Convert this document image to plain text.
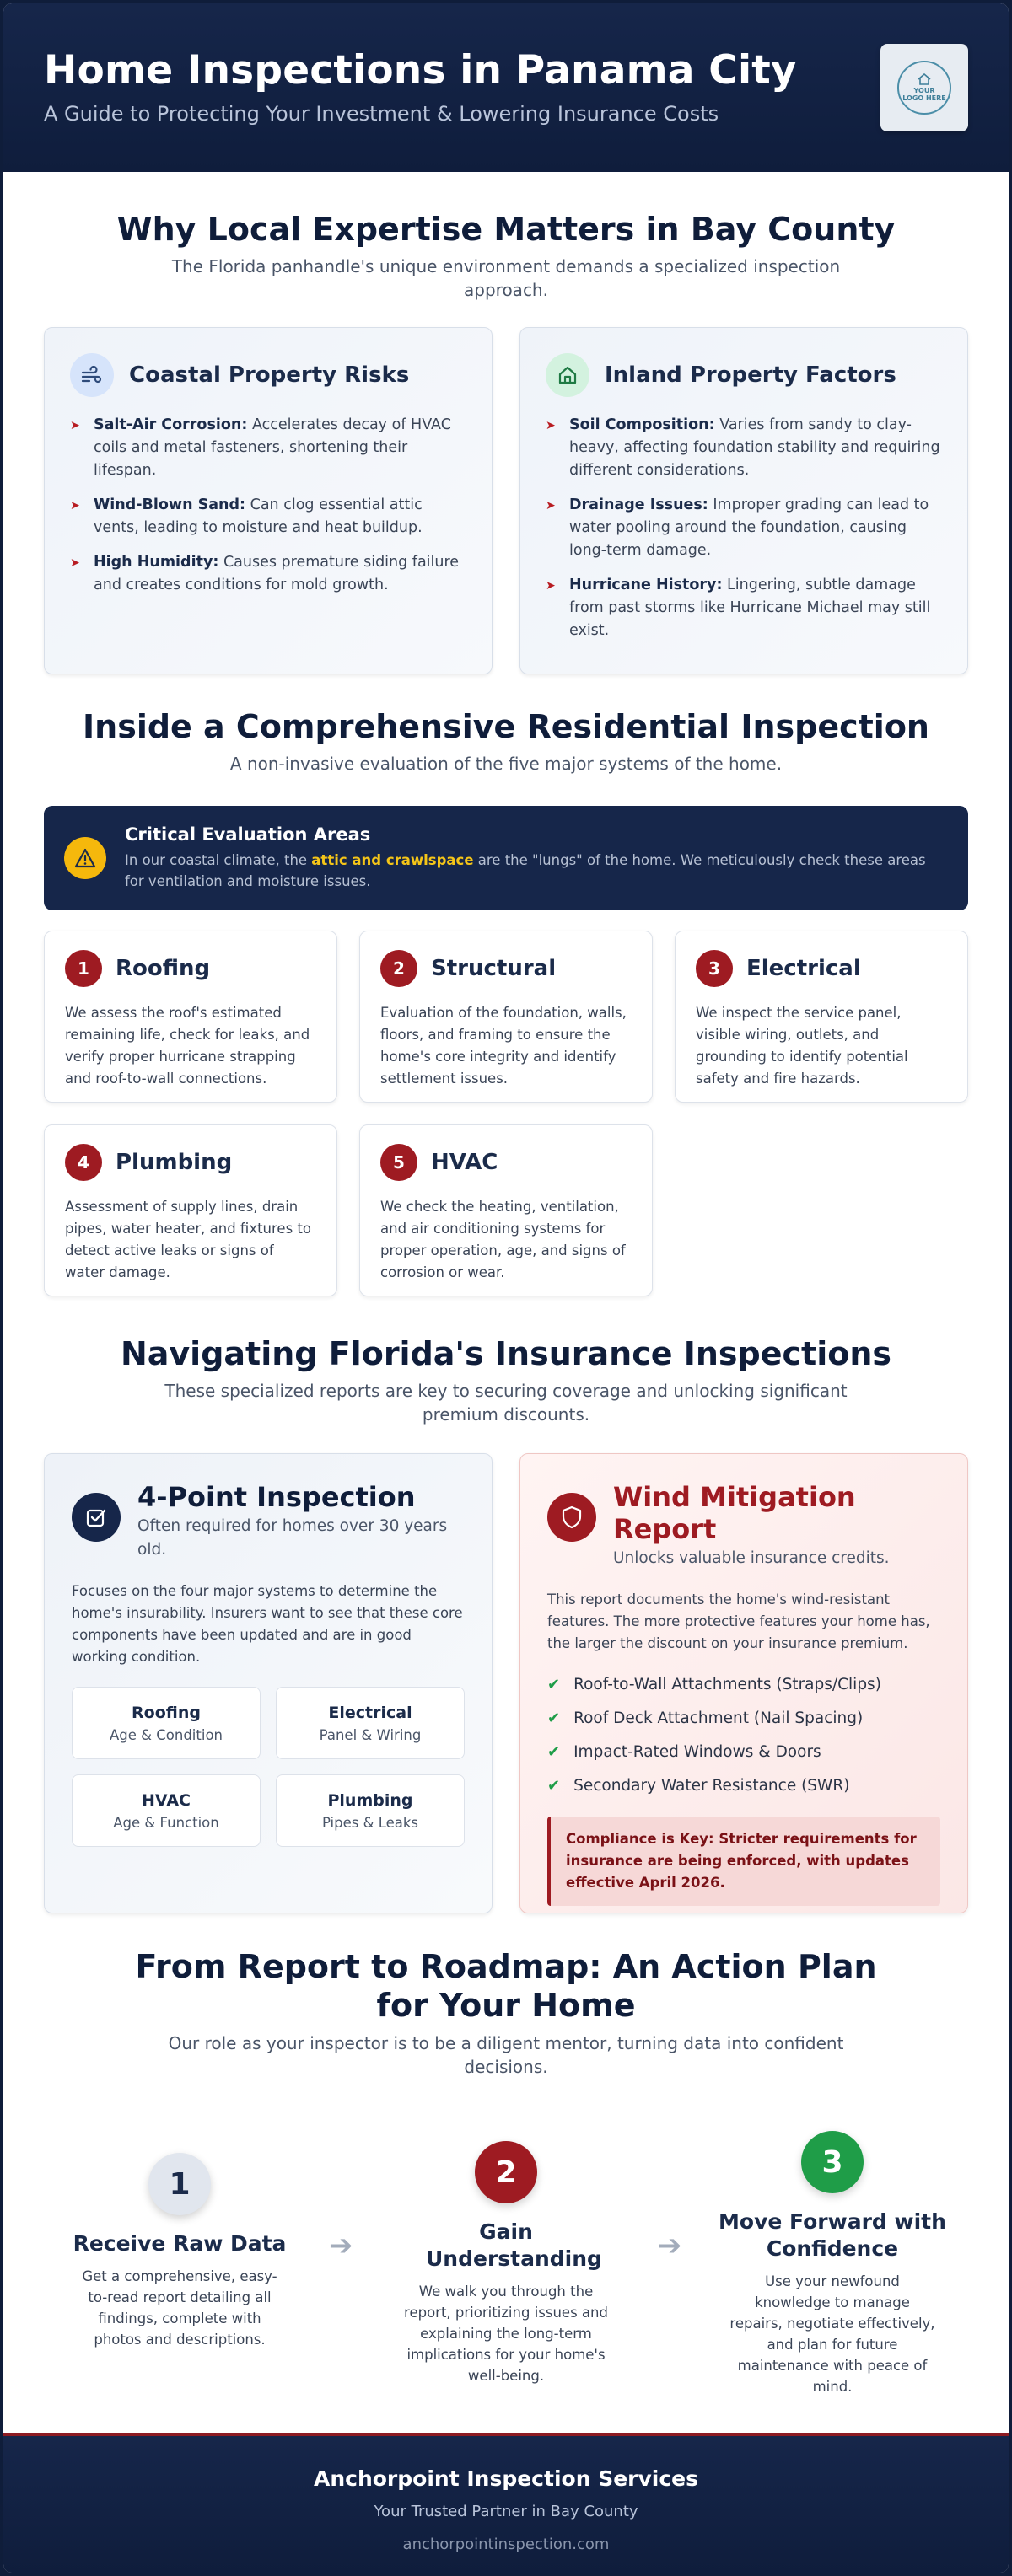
Home Inspections in Panama City
A Guide to Protecting Your Investment & Lowering Insurance Costs
YOUR
LOGO HERE
Why Local Expertise Matters in Bay County
The Florida panhandle's unique environment demands a specialized inspection approach.
Coastal Property Risks
➤ Salt-Air Corrosion: Accelerates decay of HVAC coils and metal fasteners, shortening their lifespan.
➤ Wind-Blown Sand: Can clog essential attic vents, leading to moisture and heat buildup.
➤ High Humidity: Causes premature siding failure and creates conditions for mold growth.
Inland Property Factors
➤ Soil Composition: Varies from sandy to clay-heavy, affecting foundation stability and requiring different considerations.
➤ Drainage Issues: Improper grading can lead to water pooling around the foundation, causing long-term damage.
➤ Hurricane History: Lingering, subtle damage from past storms like Hurricane Michael may still exist.
Inside a Comprehensive Residential Inspection
A non-invasive evaluation of the five major systems of the home.
Critical Evaluation Areas

In our coastal climate, the attic and crawlspace are the "lungs" of the home. We meticulously check these areas for ventilation and moisture issues.

1	Roofing

We assess the roof's estimated remaining life, check for leaks, and verify proper hurricane strapping and roof-to-wall connections.

2	Structural

Evaluation of the foundation, walls, floors, and framing to ensure the home's core integrity and identify settlement issues.

3	Electrical

We inspect the service panel, visible wiring, outlets, and grounding to identify potential safety and fire hazards.

4	Plumbing

Assessment of supply lines, drain pipes, water heater, and fixtures to detect active leaks or signs of water damage.

5	HVAC

We check the heating, ventilation, and air conditioning systems for proper operation, age, and signs of corrosion or wear.

Navigating Florida's Insurance Inspections
These specialized reports are key to securing coverage and unlocking significant premium discounts.
4-Point Inspection
Often required for homes over 30 years old.
Focuses on the four major systems to determine the home's insurability. Insurers want to see that these core components have been updated and are in good working condition.
Roofing
Age & Condition
Electrical
Panel & Wiring
HVAC
Age & Function
Plumbing
Pipes & Leaks
Wind Mitigation Report
Unlocks valuable insurance credits.
This report documents the home's wind-resistant features. The more protective features your home has, the larger the discount on your insurance premium.
✔ Roof-to-Wall Attachments (Straps/Clips)
✔ Roof Deck Attachment (Nail Spacing)
✔ Impact-Rated Windows & Doors
✔ Secondary Water Resistance (SWR)
Compliance is Key: Stricter requirements for insurance are being enforced, with updates effective April 2026.
From Report to Roadmap: An Action Plan for Your Home
Our role as your inspector is to be a diligent mentor, turning data into confident decisions.
1
Receive Raw Data

Get a comprehensive, easy-to-read report detailing all findings, complete with photos and descriptions.

➔
2
Gain Understanding

We walk you through the report, prioritizing issues and explaining the long-term implications for your home's well-being.

➔
3
Move Forward with Confidence

Use your newfound knowledge to manage repairs, negotiate effectively, and plan for future maintenance with peace of mind.

Anchorpoint Inspection Services
Your Trusted Partner in Bay County
anchorpointinspection.com
